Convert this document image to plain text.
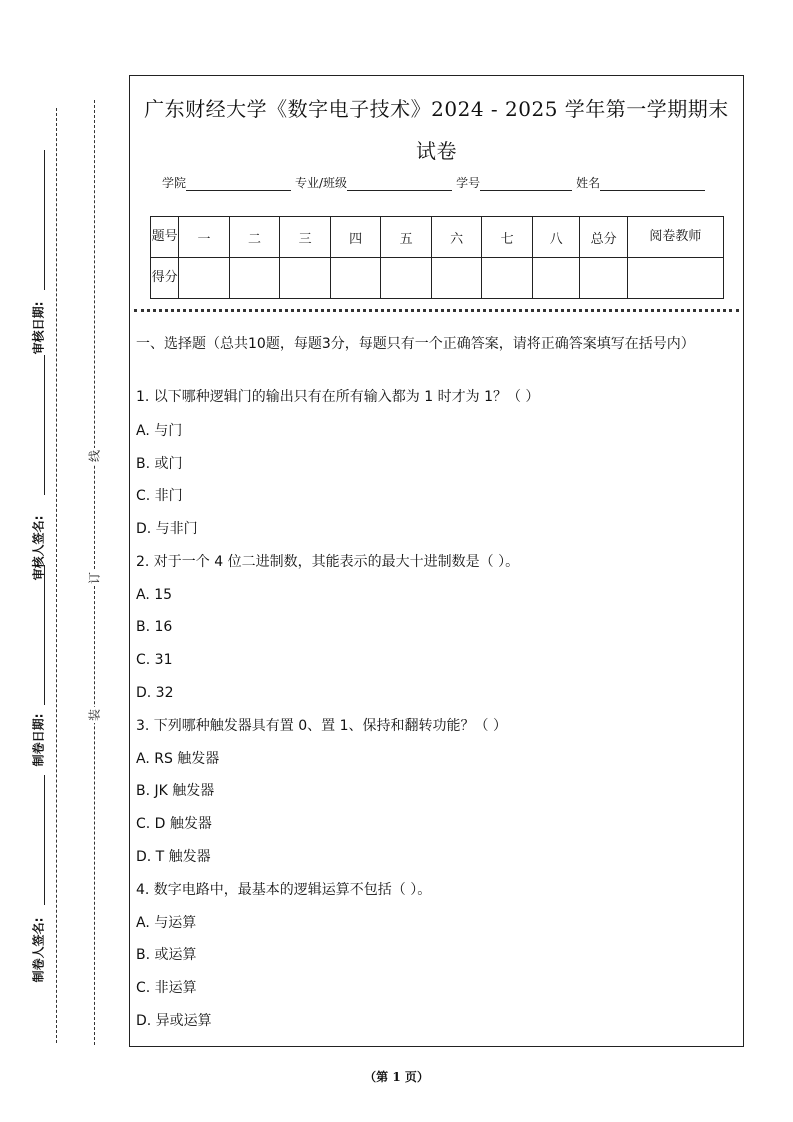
审核日期:
审核人签名:
制卷日期:
制卷人签名:
线
订
装
广东财经大学《数字电子技术》2024 - 2025 学年第一学期期末试卷
学院	专业/班级	学号	姓名
题号	一	二	三	四	五	六	七	八	总分	阅卷教师
得分										
一、选择题（总共10题，每题3分，每题只有一个正确答案，请将正确答案填写在括号内）
1. 以下哪种逻辑门的输出只有在所有输入都为 1 时才为 1？（ ）
A. 与门
B. 或门
C. 非门
D. 与非门
2. 对于一个 4 位二进制数，其能表示的最大十进制数是（ ）。
A. 15
B. 16
C. 31
D. 32
3. 下列哪种触发器具有置 0、置 1、保持和翻转功能？（ ）
A. RS 触发器
B. JK 触发器
C. D 触发器
D. T 触发器
4. 数字电路中，最基本的逻辑运算不包括（ ）。
A. 与运算
B. 或运算
C. 非运算
D. 异或运算
（第 1 页）
